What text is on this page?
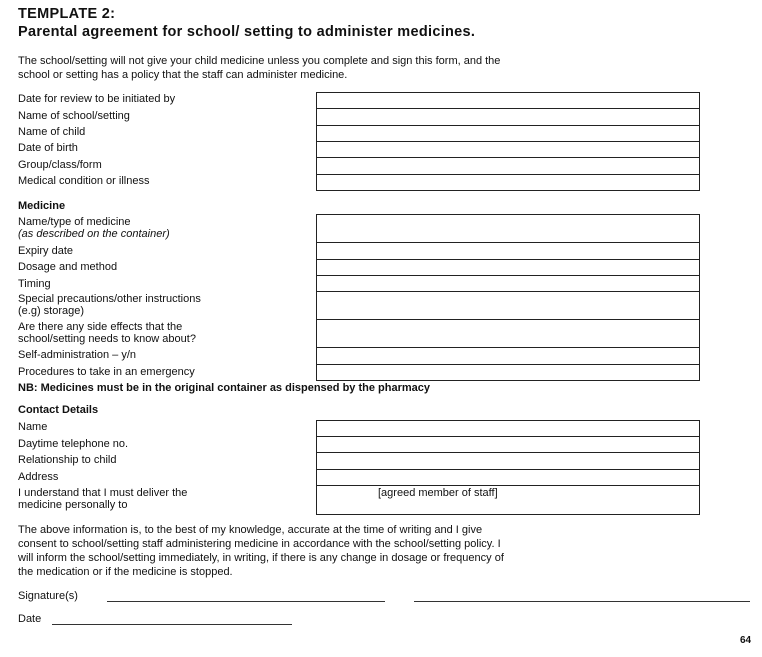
TEMPLATE 2:
Parental agreement for school/ setting to administer medicines.
The school/setting will not give your child medicine unless you complete and sign this form, and the
school or setting has a policy that the staff can administer medicine.
Date for review to be initiated by
Name of school/setting
Name of child
Date of birth
Group/class/form
Medical condition or illness
Medicine
Name/type of medicine
(as described on the container)
Expiry date
Dosage and method
Timing
Special precautions/other instructions
(e.g) storage)
Are there any side effects that the
school/setting needs to know about?
Self-administration – y/n
Procedures to take in an emergency
NB: Medicines must be in the original container as dispensed by the pharmacy
Contact Details
Name
Daytime telephone no.
Relationship to child
Address
I understand that I must deliver the
medicine personally to
[agreed member of staff]
The above information is, to the best of my knowledge, accurate at the time of writing and I give
consent to school/setting staff administering medicine in accordance with the school/setting policy. I
will inform the school/setting immediately, in writing, if there is any change in dosage or frequency of
the medication or if the medicine is stopped.
Signature(s)
Date
64
